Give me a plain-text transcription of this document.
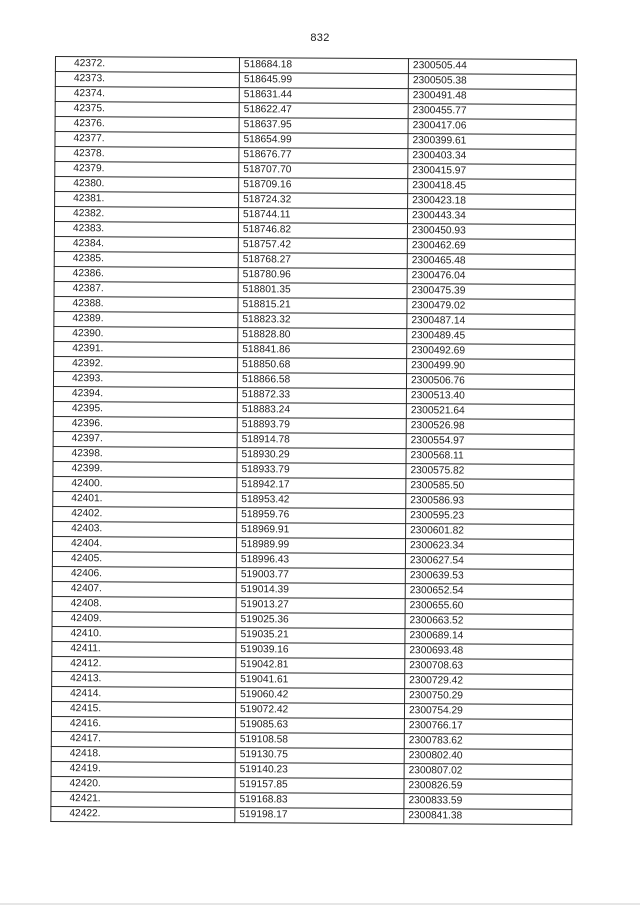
832
42372.	518684.18	2300505.44
42373.	518645.99	2300505.38
42374.	518631.44	2300491.48
42375.	518622.47	2300455.77
42376.	518637.95	2300417.06
42377.	518654.99	2300399.61
42378.	518676.77	2300403.34
42379.	518707.70	2300415.97
42380.	518709.16	2300418.45
42381.	518724.32	2300423.18
42382.	518744.11	2300443.34
42383.	518746.82	2300450.93
42384.	518757.42	2300462.69
42385.	518768.27	2300465.48
42386.	518780.96	2300476.04
42387.	518801.35	2300475.39
42388.	518815.21	2300479.02
42389.	518823.32	2300487.14
42390.	518828.80	2300489.45
42391.	518841.86	2300492.69
42392.	518850.68	2300499.90
42393.	518866.58	2300506.76
42394.	518872.33	2300513.40
42395.	518883.24	2300521.64
42396.	518893.79	2300526.98
42397.	518914.78	2300554.97
42398.	518930.29	2300568.11
42399.	518933.79	2300575.82
42400.	518942.17	2300585.50
42401.	518953.42	2300586.93
42402.	518959.76	2300595.23
42403.	518969.91	2300601.82
42404.	518989.99	2300623.34
42405.	518996.43	2300627.54
42406.	519003.77	2300639.53
42407.	519014.39	2300652.54
42408.	519013.27	2300655.60
42409.	519025.36	2300663.52
42410.	519035.21	2300689.14
42411.	519039.16	2300693.48
42412.	519042.81	2300708.63
42413.	519041.61	2300729.42
42414.	519060.42	2300750.29
42415.	519072.42	2300754.29
42416.	519085.63	2300766.17
42417.	519108.58	2300783.62
42418.	519130.75	2300802.40
42419.	519140.23	2300807.02
42420.	519157.85	2300826.59
42421.	519168.83	2300833.59
42422.	519198.17	2300841.38
